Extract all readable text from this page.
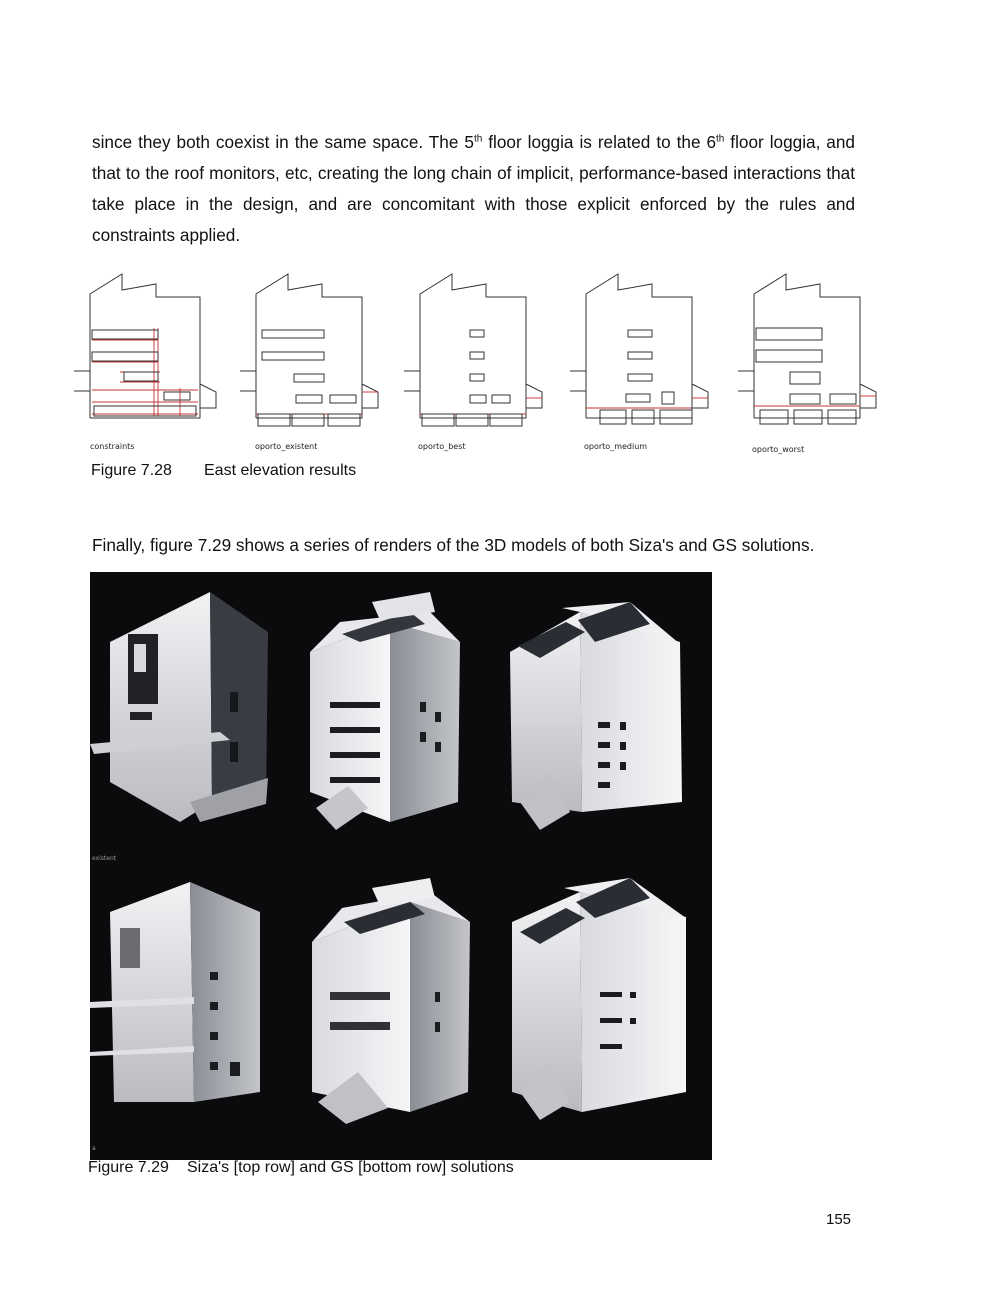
since they both coexist in the same space. The 5th floor loggia is related to the 6th floor loggia, and that to the roof monitors, etc, creating the long chain of implicit, performance-based interactions that take place in the design, and are concomitant with those explicit enforced by the rules and constraints applied.

constraints	oporto_existent	oporto_best	oporto_medium	oporto_worst
Figure 7.28 East elevation results
Finally, figure 7.29 shows a series of renders of the 3D models of both Siza's and GS solutions.
existent
a
Figure 7.29 Siza's [top row] and GS [bottom row] solutions
155
